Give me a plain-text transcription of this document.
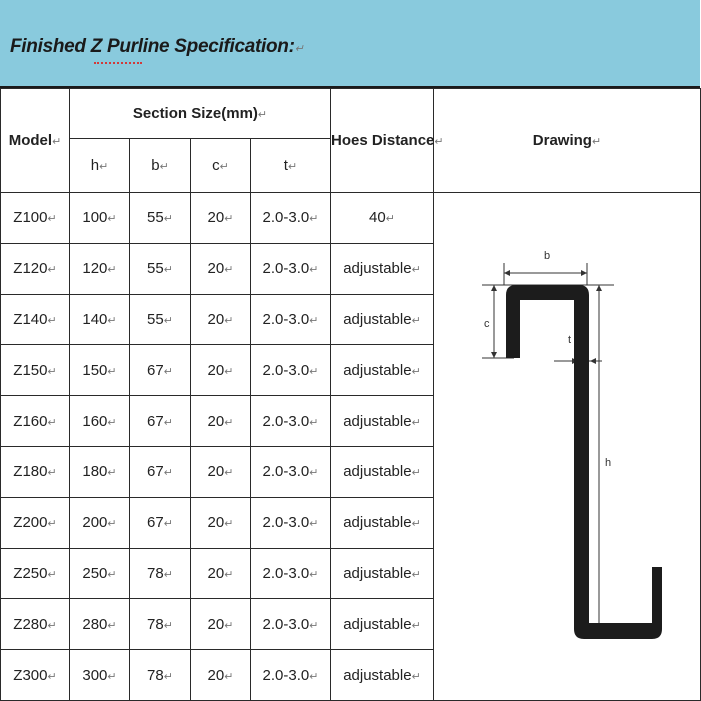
Finished Z Purline Specification:↵
Model↵	Section Size(mm)↵				Hoes Distance↵	Drawing↵
	h↵	b↵	c↵	t↵		
Z100↵	100↵	55↵	20↵	2.0-3.0↵	40↵	b
c
h
t

Z120↵	120↵	55↵	20↵	2.0-3.0↵	adjustable↵	
Z140↵	140↵	55↵	20↵	2.0-3.0↵	adjustable↵	
Z150↵	150↵	67↵	20↵	2.0-3.0↵	adjustable↵	
Z160↵	160↵	67↵	20↵	2.0-3.0↵	adjustable↵	
Z180↵	180↵	67↵	20↵	2.0-3.0↵	adjustable↵	
Z200↵	200↵	67↵	20↵	2.0-3.0↵	adjustable↵	
Z250↵	250↵	78↵	20↵	2.0-3.0↵	adjustable↵	
Z280↵	280↵	78↵	20↵	2.0-3.0↵	adjustable↵	
Z300↵	300↵	78↵	20↵	2.0-3.0↵	adjustable↵	
